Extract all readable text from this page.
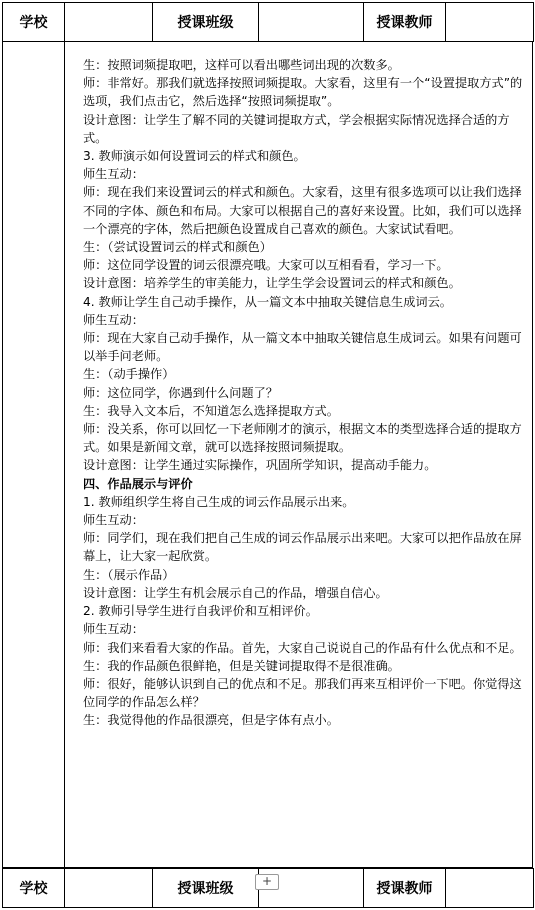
学校		授课班级		授课教师	

生：按照词频提取吧，这样可以看出哪些词出现的次数多。

师：非常好。那我们就选择按照词频提取。大家看，这里有一个“设置提取方式”的选项，我们点击它，然后选择“按照词频提取”。

设计意图：让学生了解不同的关键词提取方式，学会根据实际情况选择合适的方式。

3. 教师演示如何设置词云的样式和颜色。

师生互动：

师：现在我们来设置词云的样式和颜色。大家看，这里有很多选项可以让我们选择不同的字体、颜色和布局。大家可以根据自己的喜好来设置。比如，我们可以选择一个漂亮的字体，然后把颜色设置成自己喜欢的颜色。大家试试看吧。

生：（尝试设置词云的样式和颜色）

师：这位同学设置的词云很漂亮哦。大家可以互相看看，学习一下。

设计意图：培养学生的审美能力，让学生学会设置词云的样式和颜色。

4. 教师让学生自己动手操作，从一篇文本中抽取关键信息生成词云。

师生互动：

师：现在大家自己动手操作，从一篇文本中抽取关键信息生成词云。如果有问题可以举手问老师。

生：（动手操作）

师：这位同学，你遇到什么问题了？

生：我导入文本后，不知道怎么选择提取方式。

师：没关系，你可以回忆一下老师刚才的演示，根据文本的类型选择合适的提取方式。如果是新闻文章，就可以选择按照词频提取。

设计意图：让学生通过实际操作，巩固所学知识，提高动手能力。

四、作品展示与评价

1. 教师组织学生将自己生成的词云作品展示出来。

师生互动：

师：同学们，现在我们把自己生成的词云作品展示出来吧。大家可以把作品放在屏幕上，让大家一起欣赏。

生：（展示作品）

设计意图：让学生有机会展示自己的作品，增强自信心。

2. 教师引导学生进行自我评价和互相评价。

师生互动：

师：我们来看看大家的作品。首先，大家自己说说自己的作品有什么优点和不足。

生：我的作品颜色很鲜艳，但是关键词提取得不是很准确。

师：很好，能够认识到自己的优点和不足。那我们再来互相评价一下吧。你觉得这位同学的作品怎么样？

生：我觉得他的作品很漂亮，但是字体有点小。

学校		授课班级		授课教师	
+
